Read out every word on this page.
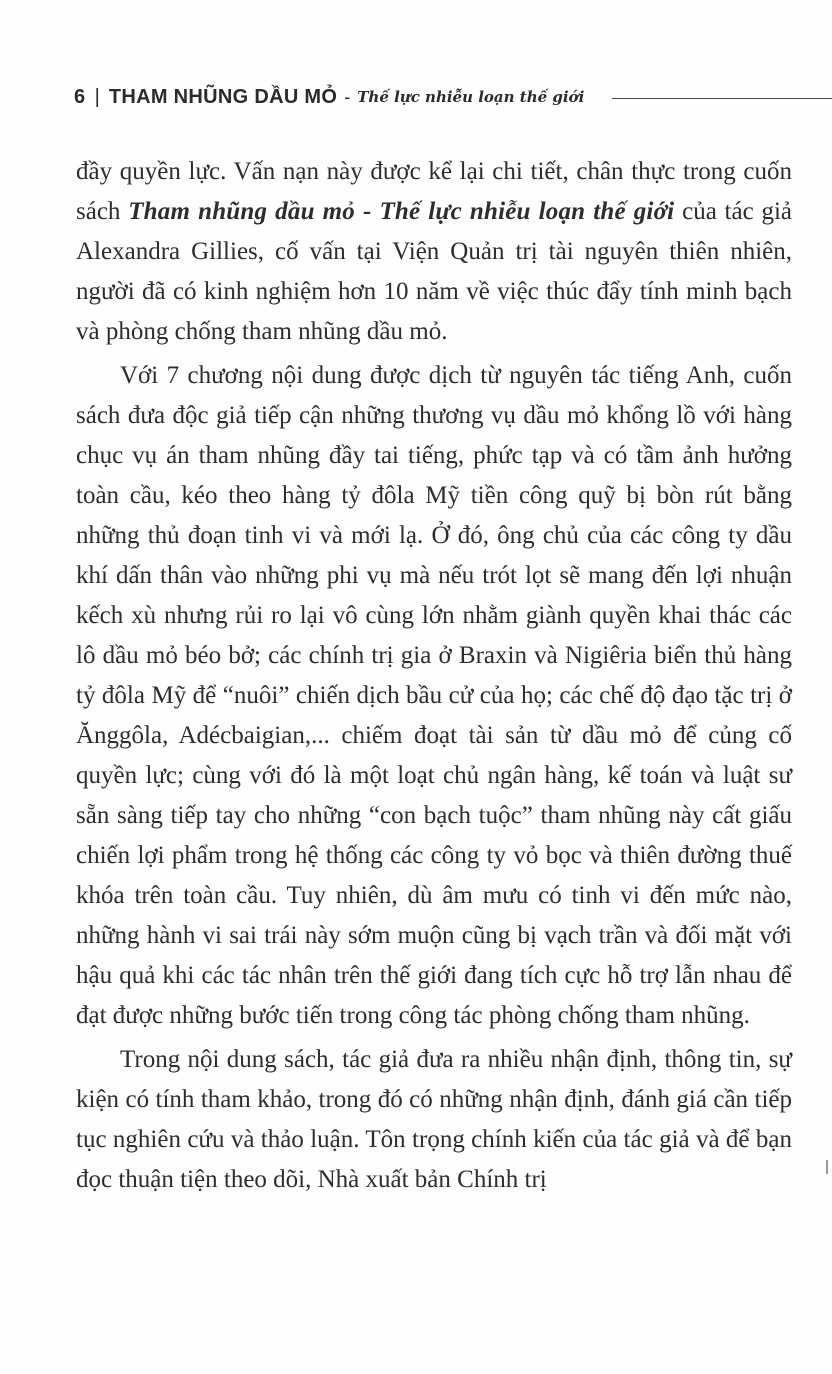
6 | THAM NHŨNG DẦU MỎ - Thế lực nhiễu loạn thế giới

đầy quyền lực. Vấn nạn này được kể lại chi tiết, chân thực trong cuốn sách Tham nhũng dầu mỏ - Thế lực nhiễu loạn thế giới của tác giả Alexandra Gillies, cố vấn tại Viện Quản trị tài nguyên thiên nhiên, người đã có kinh nghiệm hơn 10 năm về việc thúc đẩy tính minh bạch và phòng chống tham nhũng dầu mỏ.

Với 7 chương nội dung được dịch từ nguyên tác tiếng Anh, cuốn sách đưa độc giả tiếp cận những thương vụ dầu mỏ khổng lồ với hàng chục vụ án tham nhũng đầy tai tiếng, phức tạp và có tầm ảnh hưởng toàn cầu, kéo theo hàng tỷ đôla Mỹ tiền công quỹ bị bòn rút bằng những thủ đoạn tinh vi và mới lạ. Ở đó, ông chủ của các công ty dầu khí dấn thân vào những phi vụ mà nếu trót lọt sẽ mang đến lợi nhuận kếch xù nhưng rủi ro lại vô cùng lớn nhằm giành quyền khai thác các lô dầu mỏ béo bở; các chính trị gia ở Braxin và Nigiêria biển thủ hàng tỷ đôla Mỹ để “nuôi” chiến dịch bầu cử của họ; các chế độ đạo tặc trị ở Ănggôla, Adécbaigian,... chiếm đoạt tài sản từ dầu mỏ để củng cố quyền lực; cùng với đó là một loạt chủ ngân hàng, kế toán và luật sư sẵn sàng tiếp tay cho những “con bạch tuộc” tham nhũng này cất giấu chiến lợi phẩm trong hệ thống các công ty vỏ bọc và thiên đường thuế khóa trên toàn cầu. Tuy nhiên, dù âm mưu có tinh vi đến mức nào, những hành vi sai trái này sớm muộn cũng bị vạch trần và đối mặt với hậu quả khi các tác nhân trên thế giới đang tích cực hỗ trợ lẫn nhau để đạt được những bước tiến trong công tác phòng chống tham nhũng.

Trong nội dung sách, tác giả đưa ra nhiều nhận định, thông tin, sự kiện có tính tham khảo, trong đó có những nhận định, đánh giá cần tiếp tục nghiên cứu và thảo luận. Tôn trọng chính kiến của tác giả và để bạn đọc thuận tiện theo dõi, Nhà xuất bản Chính trị
